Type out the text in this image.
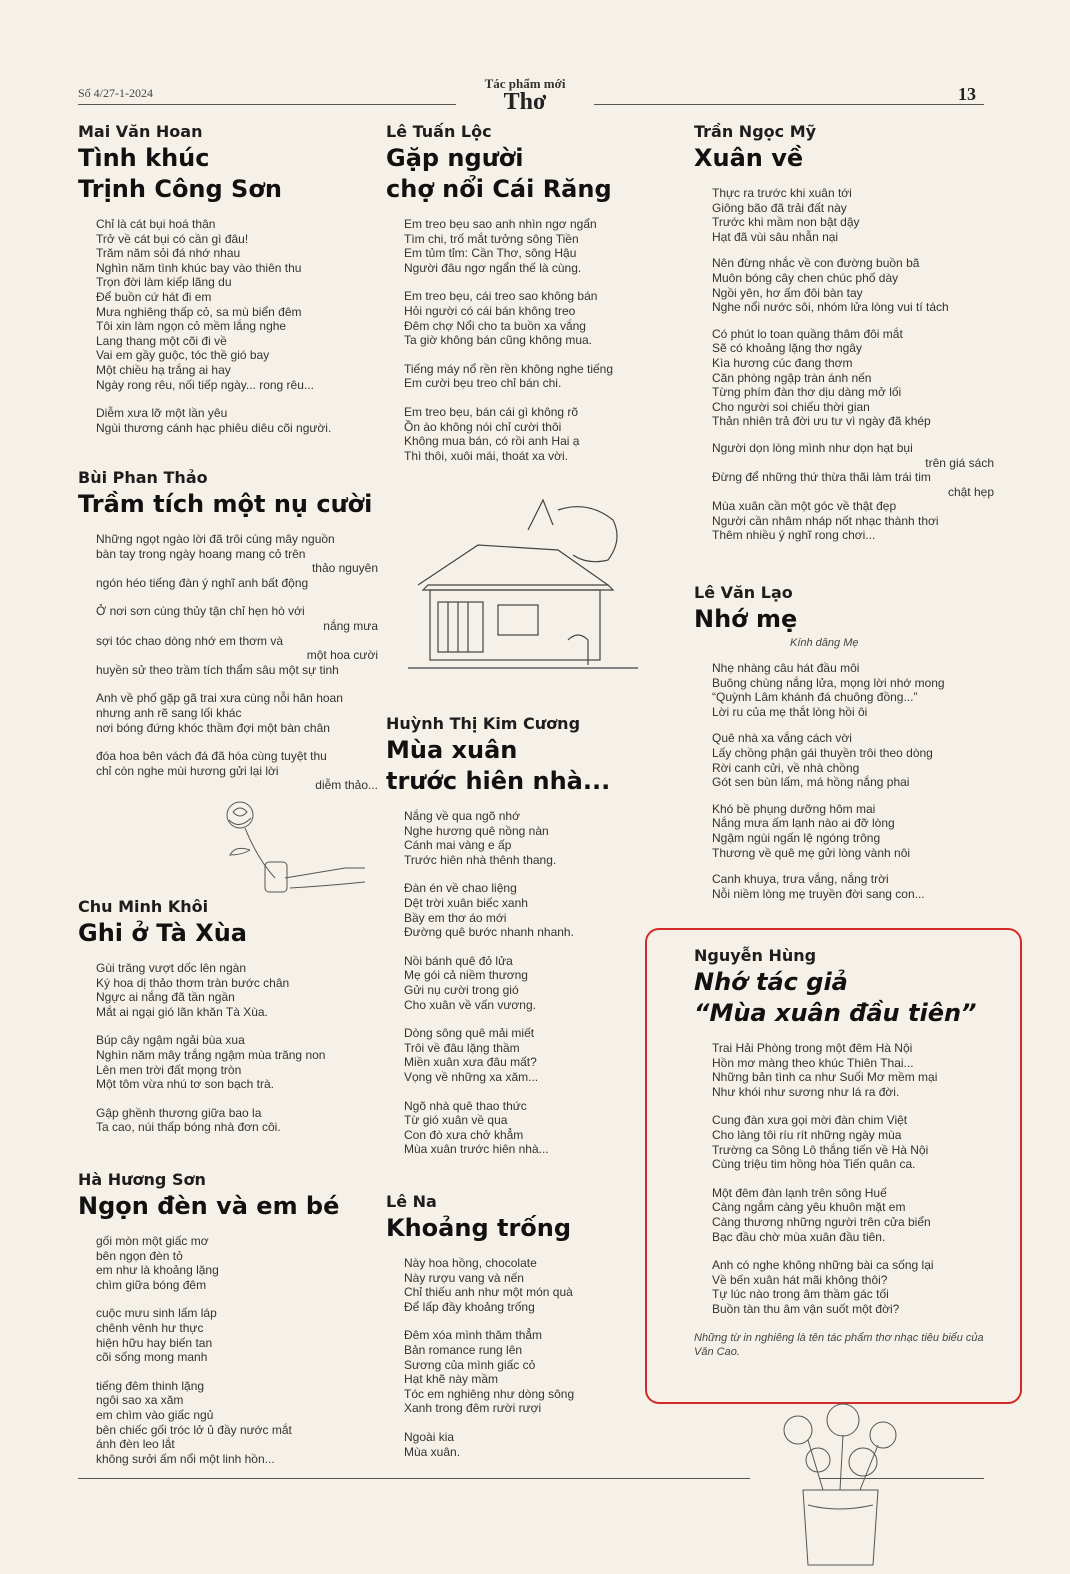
Số 4/27-1-2024
Tác phẩm mới
Thơ	13
Mai Văn Hoan
Tình khúc
Trịnh Công Sơn
Chỉ là cát bụi hoá thân
Trở về cát bụi có cần gì đâu!
Trăm năm sỏi đá nhớ nhau
Nghìn năm tình khúc bay vào thiên thu
Trọn đời làm kiếp lãng du
Để buồn cứ hát đi em
Mưa nghiêng thấp cỏ, sa mù biển đêm
Tôi xin làm ngọn cỏ mềm lắng nghe
Lang thang một cõi đi về
Vai em gầy guộc, tóc thề gió bay
Một chiều hạ trắng ai hay
Ngày rong rêu, nối tiếp ngày... rong rêu...
Diễm xưa lỡ một lần yêu
Ngùi thương cánh hạc phiêu diêu cõi người.
Bùi Phan Thảo
Trầm tích một nụ cười
Những ngọt ngào lời đã trôi cùng mây nguồn
bàn tay trong ngày hoang mang cỏ trên
thảo nguyên
ngón héo tiếng đàn ý nghĩ anh bất động
Ở nơi sơn cùng thủy tận chỉ hẹn hò với
nắng mưa
sợi tóc chao dòng nhớ em thơm và
một hoa cười
huyền sử theo trầm tích thẩm sâu một sự tinh
Anh về phố gặp gã trai xưa cùng nỗi hân hoan
nhưng anh rẽ sang lối khác
nơi bóng đứng khóc thầm đợi một bàn chân
đóa hoa bên vách đá đã hóa cùng tuyệt thu
chỉ còn nghe mùi hương gửi lại lời
diễm thảo...
Chu Minh Khôi
Ghi ở Tà Xùa
Gùi trăng vượt dốc lên ngàn
Ký hoa dị thảo thơm tràn bước chân
Ngực ai nắng đã tần ngần
Mắt ai ngại gió lãn khăn Tà Xùa.
Búp cây ngậm ngải bùa xua
Nghìn năm mây trắng ngậm mùa trăng non
Lên men trời đất mọng tròn
Một tôm vừa nhú tơ son bạch trà.
Gập ghềnh thương giữa bao la
Ta cao, núi thấp bóng nhà đơn côi.
Hà Hương Sơn
Ngọn đèn và em bé
gối mòn một giấc mơ
bên ngọn đèn tỏ
em như là khoảng lặng
chìm giữa bóng đêm
cuộc mưu sinh lấm láp
chênh vênh hư thực
hiện hữu hay biến tan
cõi sống mong manh
tiếng đêm thinh lặng
ngôi sao xa xăm
em chìm vào giấc ngủ
bên chiếc gối tróc lở ủ đầy nước mắt
ánh đèn leo lắt
không sưởi ấm nổi một linh hồn...
Lê Tuấn Lộc
Gặp người
chợ nổi Cái Răng
Em treo bẹu sao anh nhìn ngơ ngẩn
Tìm chi, trố mắt tưởng sông Tiền
Em tủm tỉm: Cần Thơ, sông Hậu
Người đâu ngơ ngẩn thế là cùng.
Em treo bẹu, cái treo sao không bán
Hỏi người có cái bán không treo
Đêm chợ Nổi cho ta buồn xa vắng
Ta giờ không bán cũng không mua.
Tiếng máy nổ rền rền không nghe tiếng
Em cười bẹu treo chỉ bán chi.
Em treo bẹu, bán cái gì không rõ
Ồn ào không nói chỉ cười thôi
Không mua bán, có rồi anh Hai ạ
Thì thôi, xuôi mái, thoát xa vời.
Huỳnh Thị Kim Cương
Mùa xuân
trước hiên nhà...
Nắng về qua ngõ nhớ
Nghe hương quê nồng nàn
Cánh mai vàng e ấp
Trước hiên nhà thênh thang.
Đàn én về chao liệng
Dệt trời xuân biếc xanh
Bầy em thơ áo mới
Đường quê bước nhanh nhanh.
Nồi bánh quê đỏ lửa
Mẹ gói cả niềm thương
Gửi nụ cười trong gió
Cho xuân về vấn vương.
Dòng sông quê mải miết
Trôi về đâu lặng thầm
Miền xuân xưa đâu mất?
Vọng về những xa xăm...
Ngõ nhà quê thao thức
Từ gió xuân về qua
Con đò xưa chở khẳm
Mùa xuân trước hiên nhà...
Lê Na
Khoảng trống
Này hoa hồng, chocolate
Này rượu vang và nến
Chỉ thiếu anh như một món quà
Để lấp đầy khoảng trống
Đêm xóa mình thăm thẳm
Bản romance rung lên
Sương của mình giấc cỏ
Hạt khẽ này mầm
Tóc em nghiêng như dòng sông
Xanh trong đêm rười rượi
Ngoài kia
Mùa xuân.
Trần Ngọc Mỹ
Xuân về
Thực ra trước khi xuân tới
Giông bão đã trải đất này
Trước khi mầm non bật dậy
Hạt đã vùi sâu nhẫn nại
Nên đừng nhắc về con đường buồn bã
Muôn bóng cây chen chúc phố dày
Ngồi yên, hơ ấm đôi bàn tay
Nghe nổi nước sôi, nhóm lửa lòng vui tí tách
Có phút lo toan quầng thâm đôi mắt
Sẽ có khoảng lặng thơ ngây
Kìa hương cúc đang thơm
Căn phòng ngập tràn ánh nến
Từng phím đàn thơ dịu dàng mở lối
Cho người soi chiếu thời gian
Thản nhiên trả đời ưu tư vì ngày đã khép
Người dọn lòng mình như dọn hạt bụi
trên giá sách
Đừng để những thứ thừa thãi làm trái tim
chật hẹp
Mùa xuân cần một góc về thật đẹp
Người cần nhâm nháp nốt nhạc thành thơi
Thêm nhiều ý nghĩ rong chơi...
Lê Văn Lạo
Nhớ mẹ
Kính dâng Mẹ
Nhẹ nhàng câu hát đầu môi
Buông chùng nắng lửa, mọng lời nhớ mong
“Quỳnh Lâm khánh đá chuông đồng...”
Lời ru của mẹ thắt lòng hồi ôi
Quê nhà xa vắng cách vời
Lấy chồng phận gái thuyền trôi theo dòng
Rời canh cửi, về nhà chồng
Gót sen bùn lấm, má hồng nắng phai
Khó bề phụng dưỡng hôm mai
Nắng mưa ấm lạnh nào ai đỡ lòng
Ngậm ngùi ngấn lệ ngóng trông
Thương về quê mẹ gửi lòng vành nôi
Canh khuya, trưa vắng, nắng trời
Nỗi niềm lòng mẹ truyền đời sang con...
Nguyễn Hùng
Nhớ tác giả
“Mùa xuân đầu tiên”
Trai Hải Phòng trong một đêm Hà Nội
Hồn mơ màng theo khúc Thiên Thai...
Những bản tình ca như Suối Mơ mềm mại
Như khói như sương như lá ra đời.
Cung đàn xưa gọi mời đàn chim Việt
Cho làng tôi ríu rít những ngày mùa
Trường ca Sông Lô thắng tiến về Hà Nội
Cùng triệu tim hồng hòa Tiến quân ca.
Một đêm đàn lạnh trên sông Huế
Càng ngắm càng yêu khuôn mặt em
Càng thương những người trên cửa biển
Bạc đầu chờ mùa xuân đầu tiên.
Anh có nghe không những bài ca sống lại
Về bến xuân hát mãi không thôi?
Tự lúc nào trong âm thầm gác tối
Buồn tàn thu âm vận suốt một đời?
Những từ in nghiêng là tên tác phẩm thơ nhạc tiêu biểu của Văn Cao.
